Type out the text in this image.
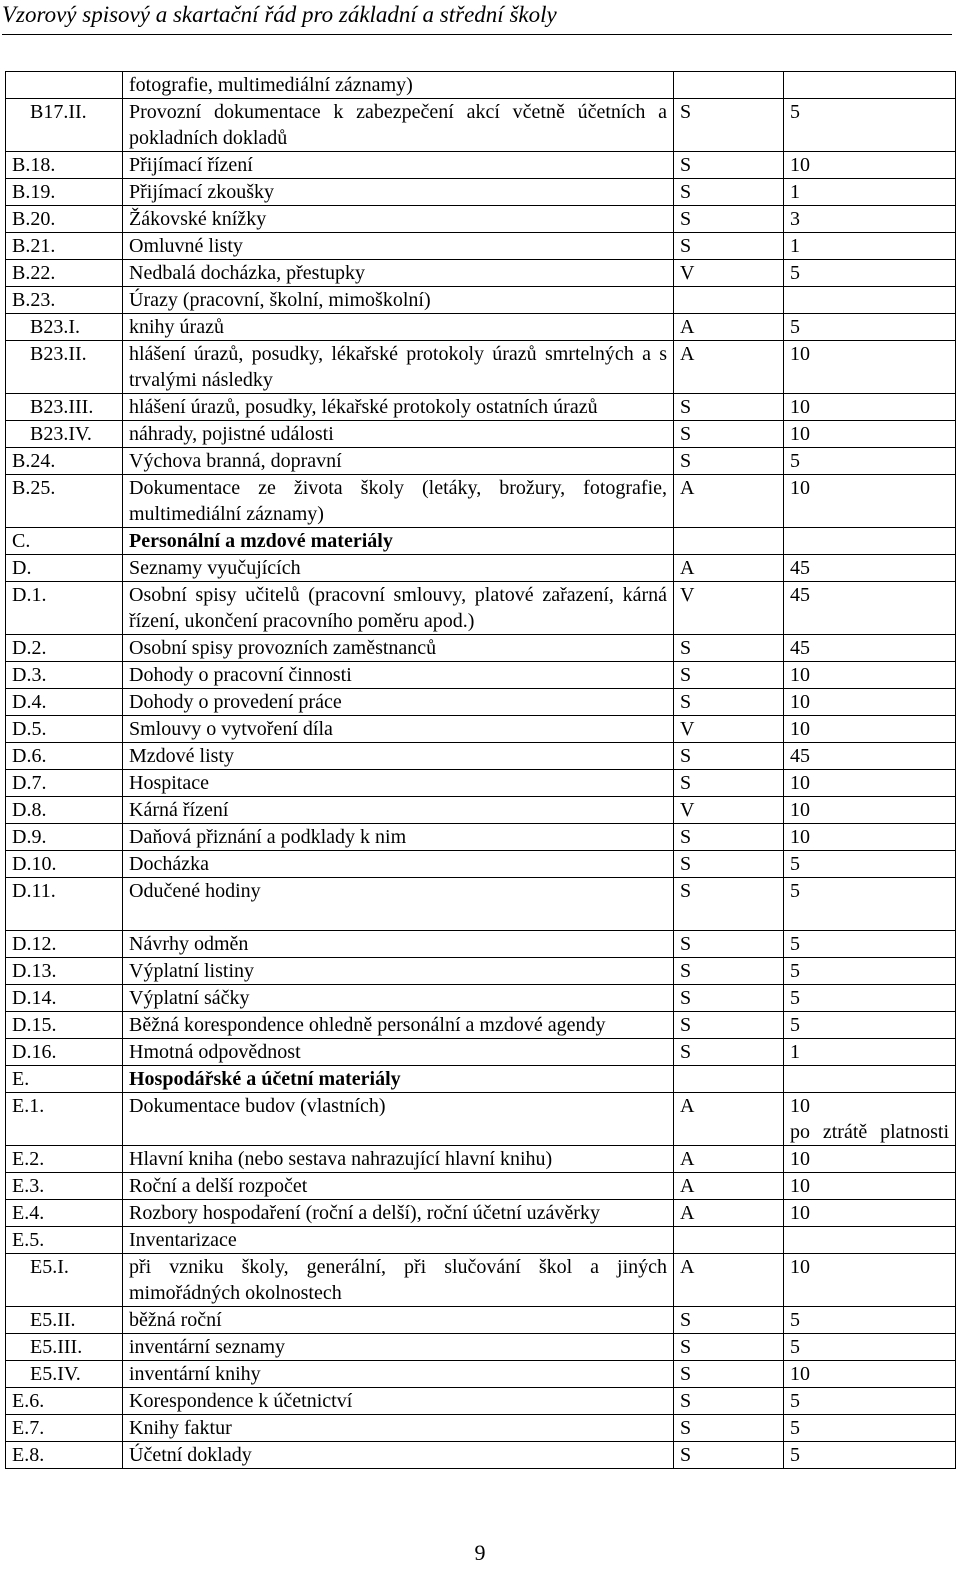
Vzorový spisový a skartační řád pro základní a střední školy
	fotografie, multimediální záznamy)		

B17.II.	Provozní dokumentace k zabezpečení akcí včetně účetních a pokladních dokladů	S	5

B.18.	Přijímací řízení	S	10

B.19.	Přijímací zkoušky	S	1

B.20.	Žákovské knížky	S	3

B.21.	Omluvné listy	S	1

B.22.	Nedbalá docházka, přestupky	V	5

B.23.	Úrazy (pracovní, školní, mimoškolní)		

B23.I.	knihy úrazů	A	5

B23.II.	hlášení úrazů, posudky, lékařské protokoly úrazů smrtelných a s trvalými následky	A	10

B23.III.	hlášení úrazů, posudky, lékařské protokoly ostatních úrazů	S	10

B23.IV.	náhrady, pojistné události	S	10

B.24.	Výchova branná, dopravní	S	5

B.25.	Dokumentace ze života školy (letáky, brožury, fotografie, multimediální záznamy)	A	10

C.	Personální a mzdové materiály		

D.	Seznamy vyučujících	A	45

D.1.	Osobní spisy učitelů (pracovní smlouvy, platové zařazení, kárná řízení, ukončení pracovního poměru apod.)	V	45

D.2.	Osobní spisy provozních zaměstnanců	S	45

D.3.	Dohody o pracovní činnosti	S	10

D.4.	Dohody o provedení práce	S	10

D.5.	Smlouvy o vytvoření díla	V	10

D.6.	Mzdové listy	S	45

D.7.	Hospitace	S	10

D.8.	Kárná řízení	V	10

D.9.	Daňová přiznání a podklady k nim	S	10

D.10.	Docházka	S	5

D.11.	Odučené hodiny	S	5

D.12.	Návrhy odměn	S	5

D.13.	Výplatní listiny	S	5

D.14.	Výplatní sáčky	S	5

D.15.	Běžná korespondence ohledně personální a mzdové agendy	S	5

D.16.	Hmotná odpovědnost	S	1

E.	Hospodářské a účetní materiály		

E.1.	Dokumentace budov (vlastních)	A	10
po ztrátě platnosti

E.2.	Hlavní kniha (nebo sestava nahrazující hlavní knihu)	A	10

E.3.	Roční a delší rozpočet	A	10

E.4.	Rozbory hospodaření (roční a delší), roční účetní uzávěrky	A	10

E.5.	Inventarizace		

E5.I.	při vzniku školy, generální, při slučování škol a jiných mimořádných okolnostech	A	10

E5.II.	běžná roční	S	5

E5.III.	inventární seznamy	S	5

E5.IV.	inventární knihy	S	10

E.6.	Korespondence k účetnictví	S	5

E.7.	Knihy faktur	S	5

E.8.	Účetní doklady	S	5
9
